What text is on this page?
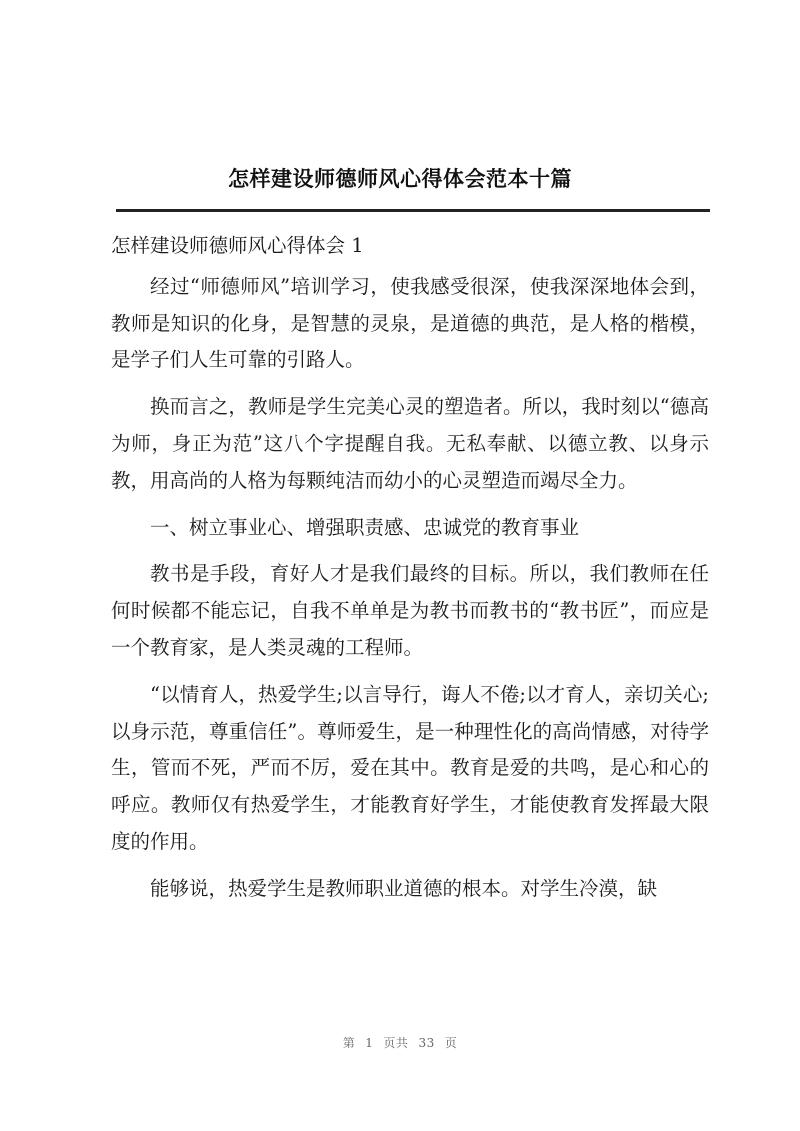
怎样建设师德师风心得体会范本十篇

怎样建设师德师风心得体会 1

经过“师德师风”培训学习，使我感受很深，使我深深地体会到，教师是知识的化身，是智慧的灵泉，是道德的典范，是人格的楷模，是学子们人生可靠的引路人。

换而言之，教师是学生完美心灵的塑造者。所以，我时刻以“德高为师，身正为范”这八个字提醒自我。无私奉献、以德立教、以身示教，用高尚的人格为每颗纯洁而幼小的心灵塑造而竭尽全力。

一、树立事业心、增强职责感、忠诚党的教育事业

教书是手段，育好人才是我们最终的目标。所以，我们教师在任何时候都不能忘记，自我不单单是为教书而教书的“教书匠”，而应是一个教育家，是人类灵魂的工程师。

“以情育人，热爱学生;以言导行，诲人不倦;以才育人，亲切关心;以身示范，尊重信任”。尊师爱生，是一种理性化的高尚情感，对待学生，管而不死，严而不厉，爱在其中。教育是爱的共鸣，是心和心的呼应。教师仅有热爱学生，才能教育好学生，才能使教育发挥最大限度的作用。

能够说，热爱学生是教师职业道德的根本。对学生冷漠，缺

第 1 页共 33 页
